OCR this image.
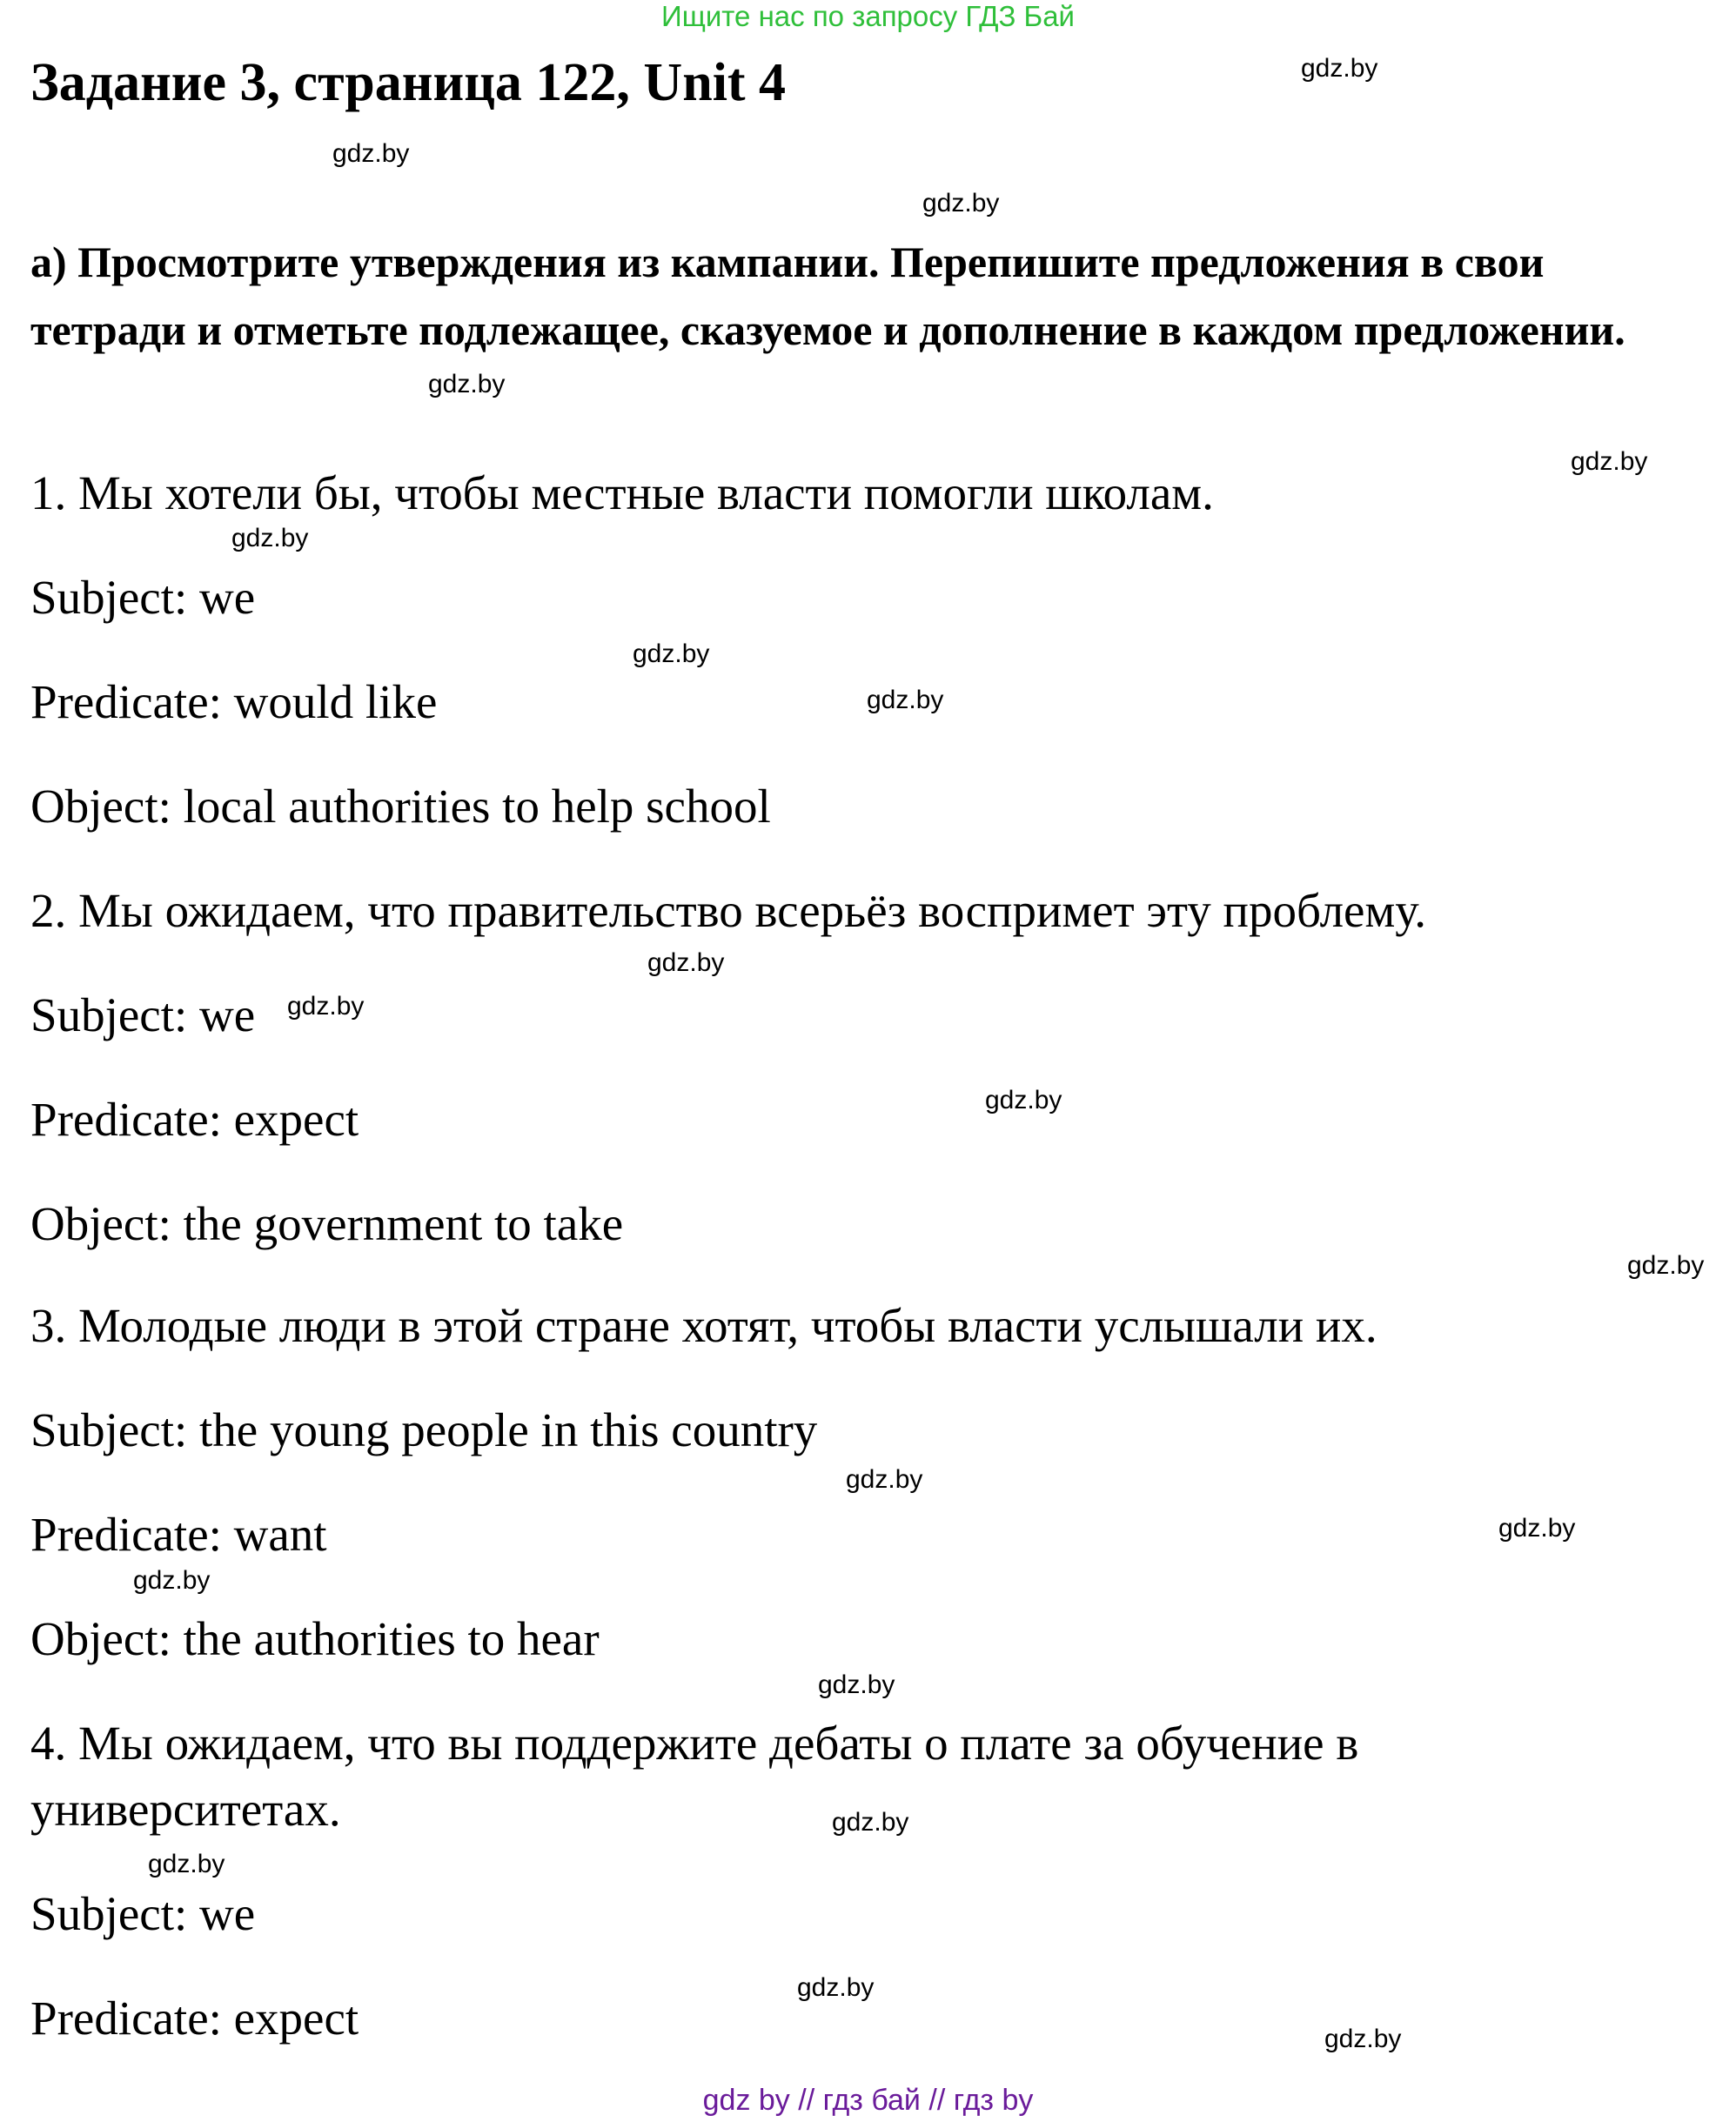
Ищите нас по запросу ГДЗ Бай
Задание 3, страница 122, Unit 4

а) Просмотрите утверждения из кампании. Перепишите предложения в свои тетради и отметьте подлежащее, сказуемое и дополнение в каждом предложении.

1. Мы хотели бы, чтобы местные власти помогли школам.

Subject: we

Predicate: would like

Object: local authorities to help school

2. Мы ожидаем, что правительство всерьёз воспримет эту проблему.

Subject: we

Predicate: expect

Object: the government to take

3. Молодые люди в этой стране хотят, чтобы власти услышали их.

Subject: the young people in this country

Predicate: want

Object: the authorities to hear

4. Мы ожидаем, что вы поддержите дебаты о плате за обучение в

университетах.

Subject: we

Predicate: expect

gdz.by
gdz.by
gdz.by
gdz.by
gdz.by
gdz.by
gdz.by
gdz.by
gdz.by
gdz.by
gdz.by
gdz.by
gdz.by
gdz.by
gdz.by
gdz.by
gdz.by
gdz.by
gdz.by
gdz.by
gdz by // гдз бай // гдз by
